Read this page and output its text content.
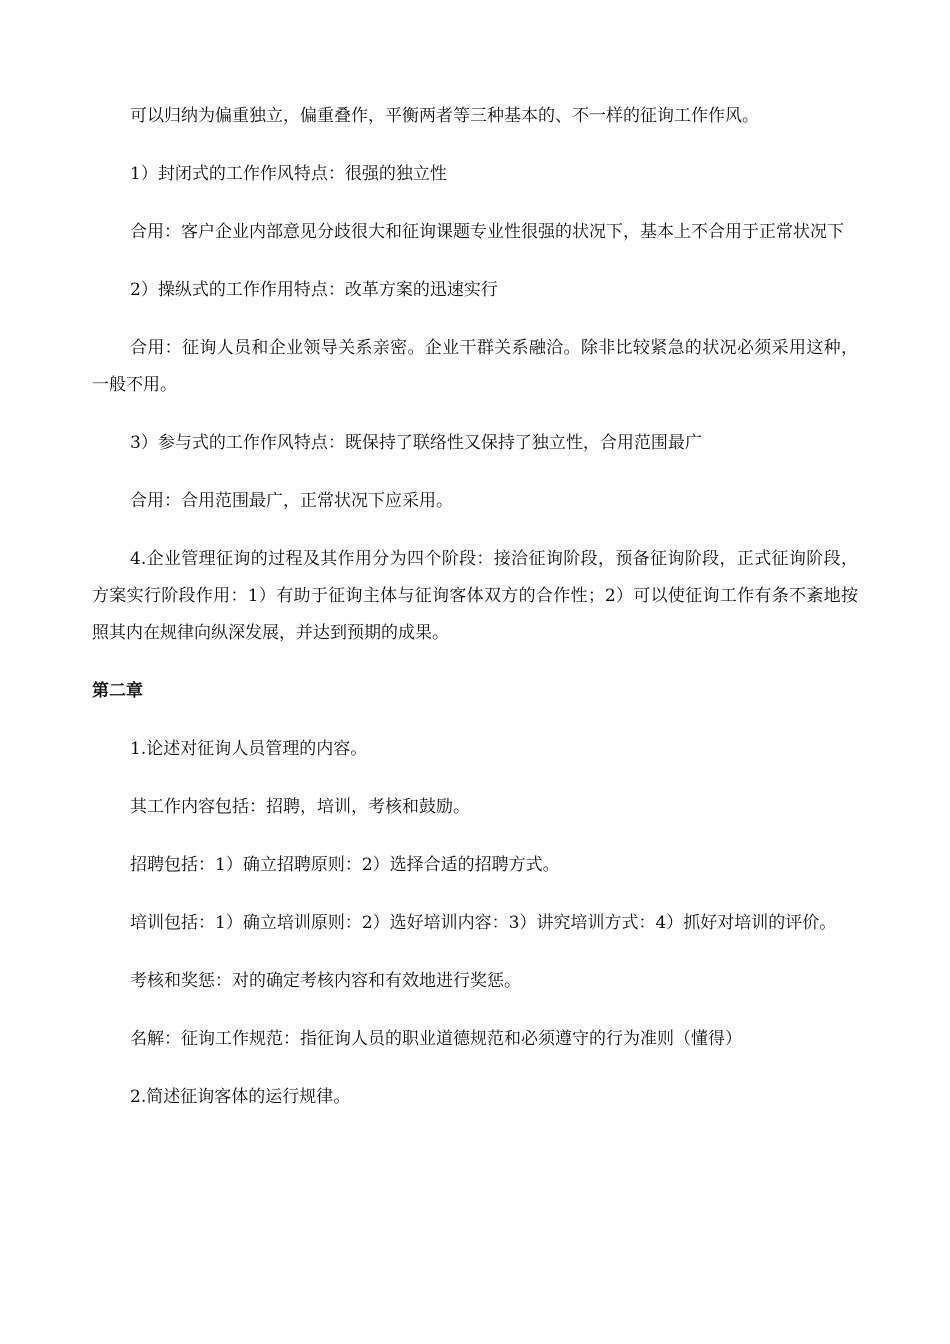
可以归纳为偏重独立，偏重叠作，平衡两者等三种基本的、不一样的征询工作作风。

1）封闭式的工作作风特点：很强的独立性

合用：客户企业内部意见分歧很大和征询课题专业性很强的状况下，基本上不合用于正常状况下

2）操纵式的工作作用特点：改革方案的迅速实行

合用：征询人员和企业领导关系亲密。企业干群关系融洽。除非比较紧急的状况必须采用这种，一般不用。

3）参与式的工作作风特点：既保持了联络性又保持了独立性，合用范围最广

合用：合用范围最广，正常状况下应采用。

4.企业管理征询的过程及其作用分为四个阶段：接洽征询阶段，预备征询阶段，正式征询阶段，方案实行阶段作用：1）有助于征询主体与征询客体双方的合作性；2）可以使征询工作有条不紊地按照其内在规律向纵深发展，并达到预期的成果。

第二章

1.论述对征询人员管理的内容。

其工作内容包括：招聘，培训，考核和鼓励。

招聘包括：1）确立招聘原则：2）选择合适的招聘方式。

培训包括：1）确立培训原则：2）选好培训内容：3）讲究培训方式：4）抓好对培训的评价。

考核和奖惩：对的确定考核内容和有效地进行奖惩。

名解：征询工作规范：指征询人员的职业道德规范和必须遵守的行为准则（懂得）

2.简述征询客体的运行规律。
